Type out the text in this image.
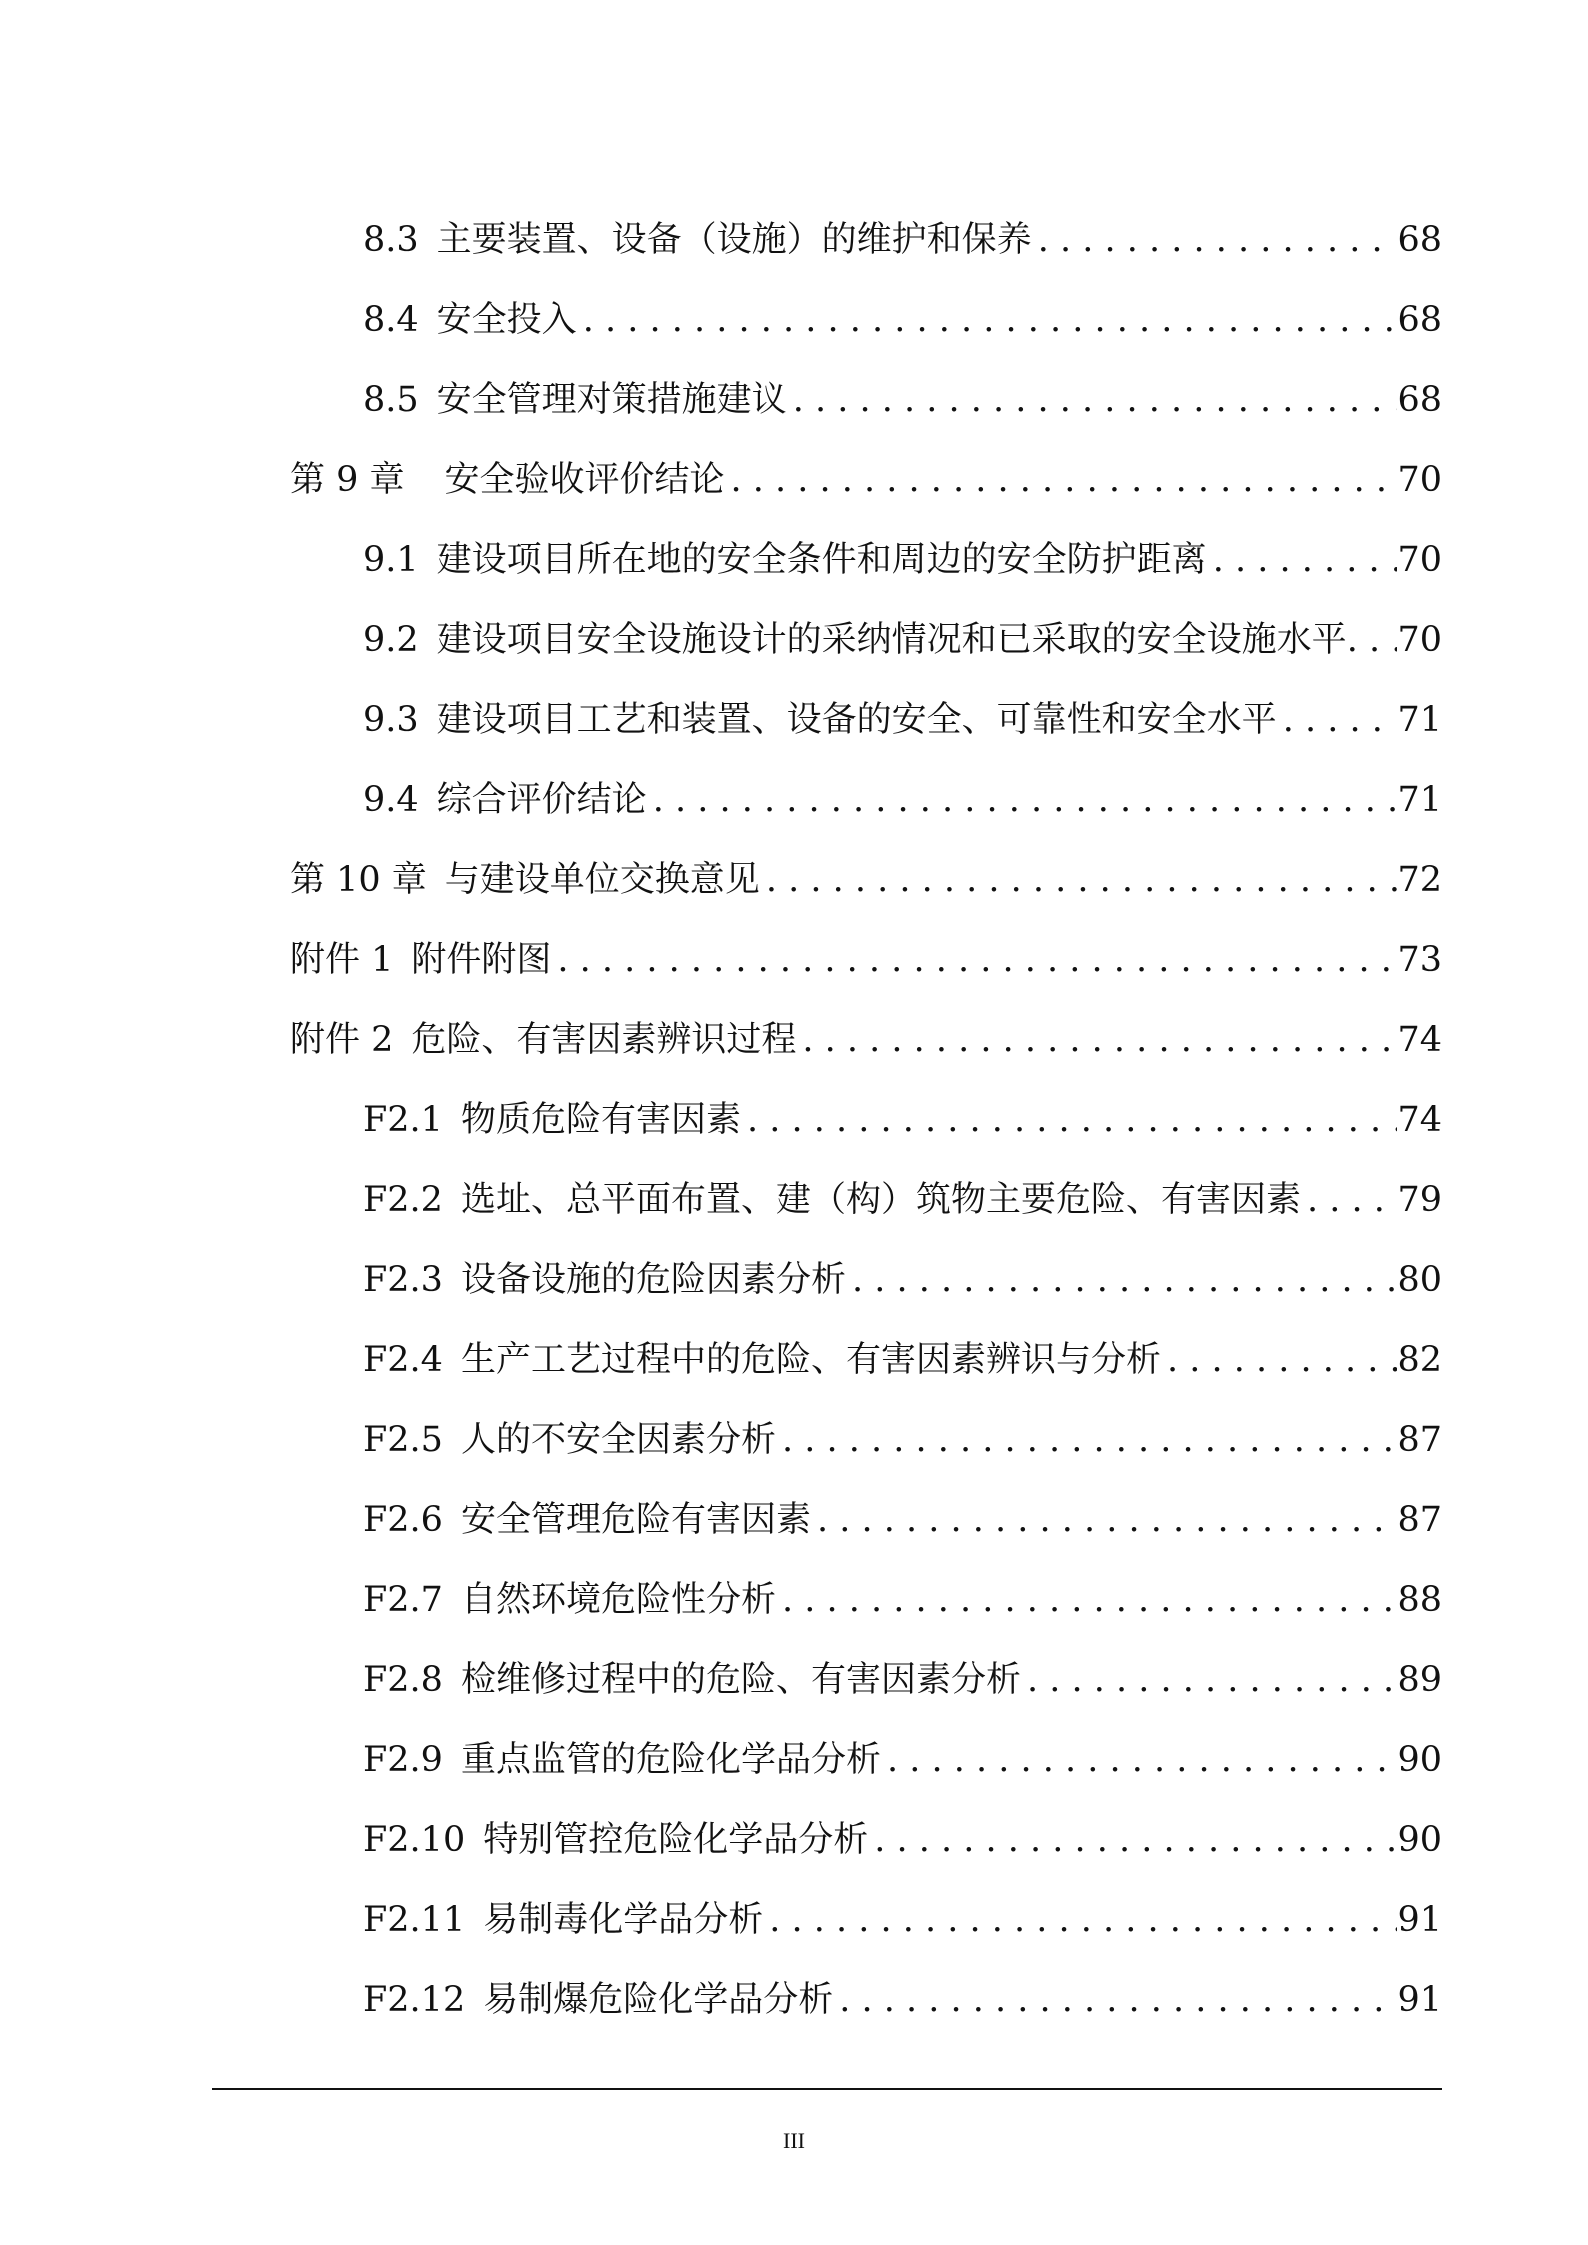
8.3 主要装置、设备（设施）的维护和保养 . . .	68
8.4 安全投入 . . .	68
8.5 安全管理对策措施建议 . . .	68
第 9 章	安全验收评价结论 . . .	70
9.1 建设项目所在地的安全条件和周边的安全防护距离 . . .	70
9.2 建设项目安全设施设计的采纳情况和已采取的安全设施水平 . . . 70
9.3 建设项目工艺和装置、设备的安全、可靠性和安全水平 . . .	71
9.4 综合评价结论 . . .	71
第 10 章 与建设单位交换意见 . . .	72
附件 1 附件附图 . . .	73
附件 2 危险、有害因素辨识过程 . . .	74
F2.1 物质危险有害因素 . . .	74
F2.2 选址、总平面布置、建（构）筑物主要危险、有害因素 . . .	79
F2.3 设备设施的危险因素分析 . . .	80
F2.4 生产工艺过程中的危险、有害因素辨识与分析 . . .	82
F2.5 人的不安全因素分析 . . .	87
F2.6 安全管理危险有害因素 . . .	87
F2.7 自然环境危险性分析 . . .	88
F2.8 检维修过程中的危险、有害因素分析 . . .	89
F2.9 重点监管的危险化学品分析 . . .	90
F2.10 特别管控危险化学品分析 . . .	90
F2.11 易制毒化学品分析 . . .	91
F2.12 易制爆危险化学品分析 . . .	91
III
